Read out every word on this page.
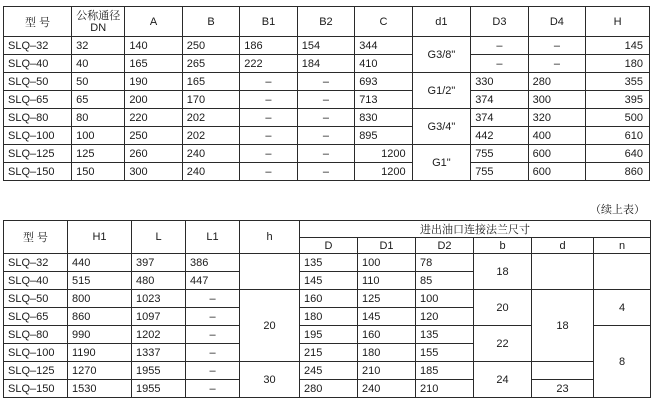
型 号	公称通径
DN	A	B	B1	B2	C	d1	D3	D4	H
SLQ–32	32	140	250	186	154	344	G3/8"	–	–	145
SLQ–40	40	165	265	222	184	410		–	–	180
SLQ–50	50	190	165	–	–	693	G1/2"	330	280	355
SLQ–65	65	200	170	–	–	713		374	300	395
SLQ–80	80	220	202	–	–	830	G3/4"	374	320	500
SLQ–100	100	250	202	–	–	895		442	400	610
SLQ–125	125	260	240	–	–	1200	G1"	755	600	640
SLQ–150	150	300	240	–	–	1200		755	600	860
（续上表）
型 号	H1	L	L1	h	进出油口连接法兰尺寸					
					D	D1	D2	b	d	n
SLQ–32	440	397	386		135	100	78	18		
SLQ–40	515	480	447		145	110	85			
SLQ–50	800	1023	–	20	160	125	100	20	18	4
SLQ–65	860	1097	–		180	145	120			
SLQ–80	990	1202	–		195	160	135	22		8
SLQ–100	1190	1337	–		215	180	155			
SLQ–125	1270	1955	–	30	245	210	185	24		
SLQ–150	1530	1955	–		280	240	210		23	
